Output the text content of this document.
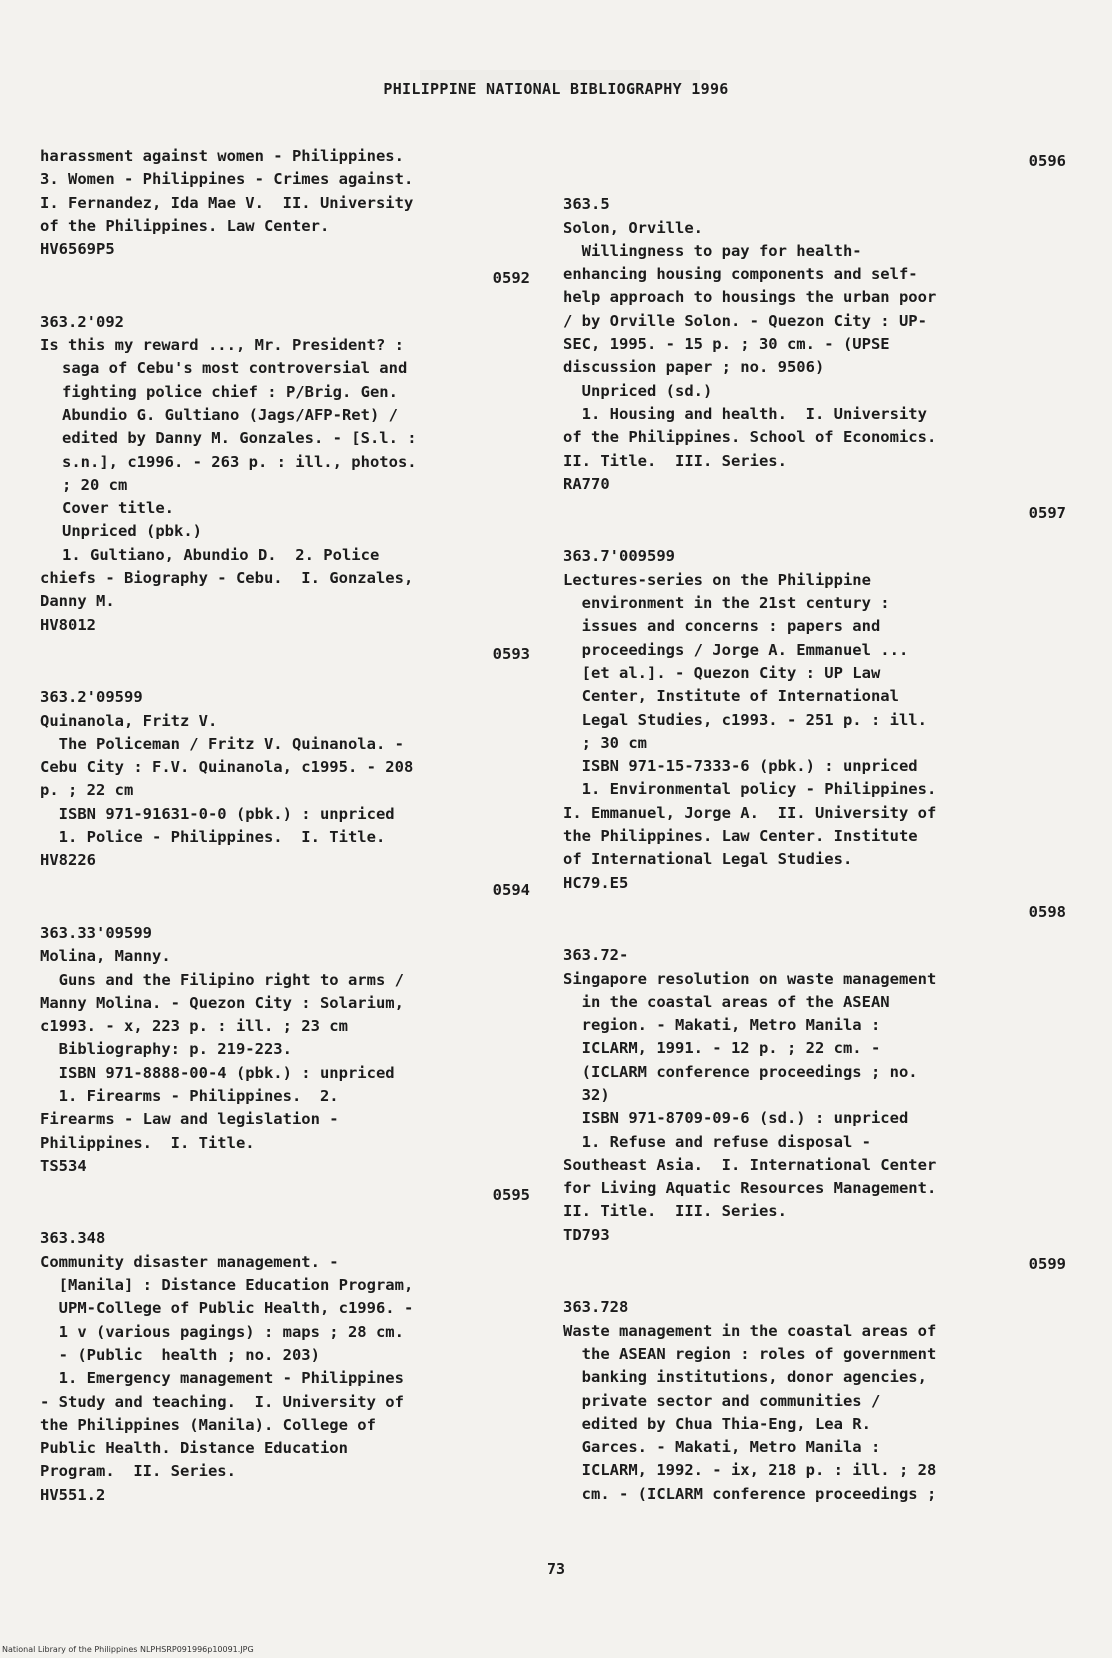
PHILIPPINE NATIONAL BIBLIOGRAPHY 1996
harassment against women - Philippines.
3. Women - Philippines - Crimes against.
I. Fernandez, Ida Mae V.  II. University
of the Philippines. Law Center.
HV6569P5
0592
363.2'092
Is this my reward ..., Mr. President? :
saga of Cebu's most controversial and
fighting police chief : P/Brig. Gen.
Abundio G. Gultiano (Jags/AFP-Ret) /
edited by Danny M. Gonzales. - [S.l. :
s.n.], c1996. - 263 p. : ill., photos.
; 20 cm
Cover title.
Unpriced (pbk.)
1. Gultiano, Abundio D.  2. Police
chiefs - Biography - Cebu.  I. Gonzales,
Danny M.
HV8012
0593
363.2'09599
Quinanola, Fritz V.
The Policeman / Fritz V. Quinanola. -
Cebu City : F.V. Quinanola, c1995. - 208
p. ; 22 cm
ISBN 971-91631-0-0 (pbk.) : unpriced
1. Police - Philippines.  I. Title.
HV8226
0594
363.33'09599
Molina, Manny.
Guns and the Filipino right to arms /
Manny Molina. - Quezon City : Solarium,
c1993. - x, 223 p. : ill. ; 23 cm
Bibliography: p. 219-223.
ISBN 971-8888-00-4 (pbk.) : unpriced
1. Firearms - Philippines.  2.
Firearms - Law and legislation -
Philippines.  I. Title.
TS534
0595
363.348
Community disaster management. -
[Manila] : Distance Education Program,
UPM-College of Public Health, c1996. -
1 v (various pagings) : maps ; 28 cm.
- (Public  health ; no. 203)
1. Emergency management - Philippines
- Study and teaching.  I. University of
the Philippines (Manila). College of
Public Health. Distance Education
Program.  II. Series.
HV551.2
0596
363.5
Solon, Orville.
Willingness to pay for health-
enhancing housing components and self-
help approach to housings the urban poor
/ by Orville Solon. - Quezon City : UP-
SEC, 1995. - 15 p. ; 30 cm. - (UPSE
discussion paper ; no. 9506)
Unpriced (sd.)
1. Housing and health.  I. University
of the Philippines. School of Economics.
II. Title.  III. Series.
RA770
0597
363.7'009599
Lectures-series on the Philippine
environment in the 21st century :
issues and concerns : papers and
proceedings / Jorge A. Emmanuel ...
[et al.]. - Quezon City : UP Law
Center, Institute of International
Legal Studies, c1993. - 251 p. : ill.
; 30 cm
ISBN 971-15-7333-6 (pbk.) : unpriced
1. Environmental policy - Philippines.
I. Emmanuel, Jorge A.  II. University of
the Philippines. Law Center. Institute
of International Legal Studies.
HC79.E5
0598
363.72-
Singapore resolution on waste management
in the coastal areas of the ASEAN
region. - Makati, Metro Manila :
ICLARM, 1991. - 12 p. ; 22 cm. -
(ICLARM conference proceedings ; no.
32)
ISBN 971-8709-09-6 (sd.) : unpriced
1. Refuse and refuse disposal -
Southeast Asia.  I. International Center
for Living Aquatic Resources Management.
II. Title.  III. Series.
TD793
0599
363.728
Waste management in the coastal areas of
the ASEAN region : roles of government
banking institutions, donor agencies,
private sector and communities /
edited by Chua Thia-Eng, Lea R.
Garces. - Makati, Metro Manila :
ICLARM, 1992. - ix, 218 p. : ill. ; 28
cm. - (ICLARM conference proceedings ;
73
National Library of the Philippines NLPHSRP091996p10091.JPG
